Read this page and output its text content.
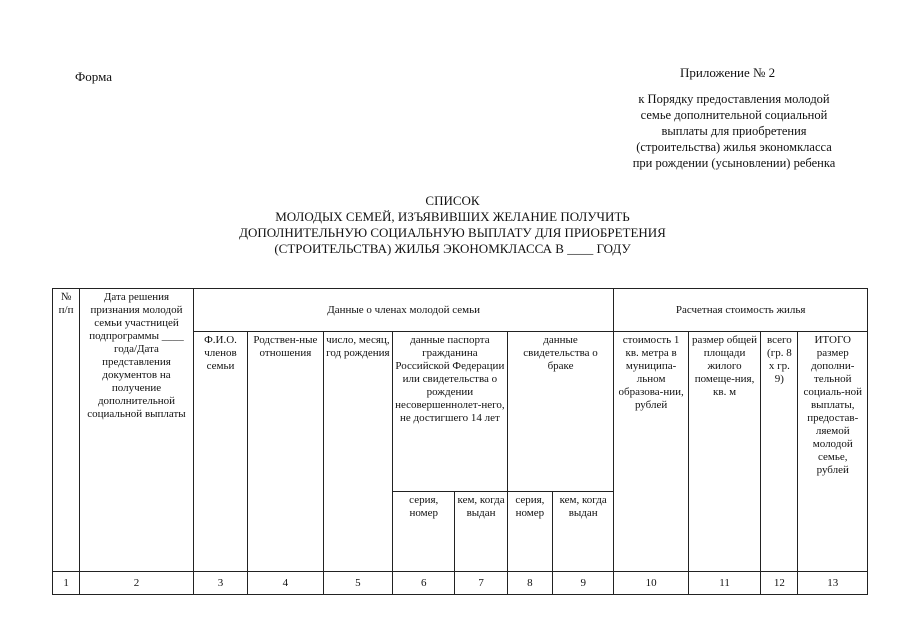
Форма	Приложение № 2
к Порядку предоставления молодой
семье дополнительной социальной
выплаты для приобретения
(строительства) жилья экономкласса
при рождении (усыновлении) ребенка
СПИСОК
МОЛОДЫХ СЕМЕЙ, ИЗЪЯВИВШИХ ЖЕЛАНИЕ ПОЛУЧИТЬ
ДОПОЛНИТЕЛЬНУЮ СОЦИАЛЬНУЮ ВЫПЛАТУ ДЛЯ ПРИОБРЕТЕНИЯ
(СТРОИТЕЛЬСТВА) ЖИЛЬЯ ЭКОНОМКЛАССА В ____ ГОДУ
№ п/п	Дата решения признания молодой семьи участницей подпрограммы ____ года/Дата представления документов на получение дополнительной социальной выплаты	Данные о членах молодой семьи							Расчетная стоимость жилья			
		Ф.И.О. членов семьи	Родствен-ные отношения	число, месяц, год рождения	данные паспорта гражданина Российской Федерации или свидетельства о рождении несовершеннолет-него, не достигшего 14 лет		данные свидетельства о браке		стоимость 1 кв. метра в муниципа-льном образова-нии, рублей	размер общей площади жилого помеще-ния, кв. м	всего (гр. 8 х гр. 9)	ИТОГО размер дополни-тельной социаль-ной выплаты, предостав-ляемой молодой семье, рублей
					серия, номер	кем, когда выдан	серия, номер	кем, когда выдан				
1	2	3	4	5	6	7	8	9	10	11	12	13
